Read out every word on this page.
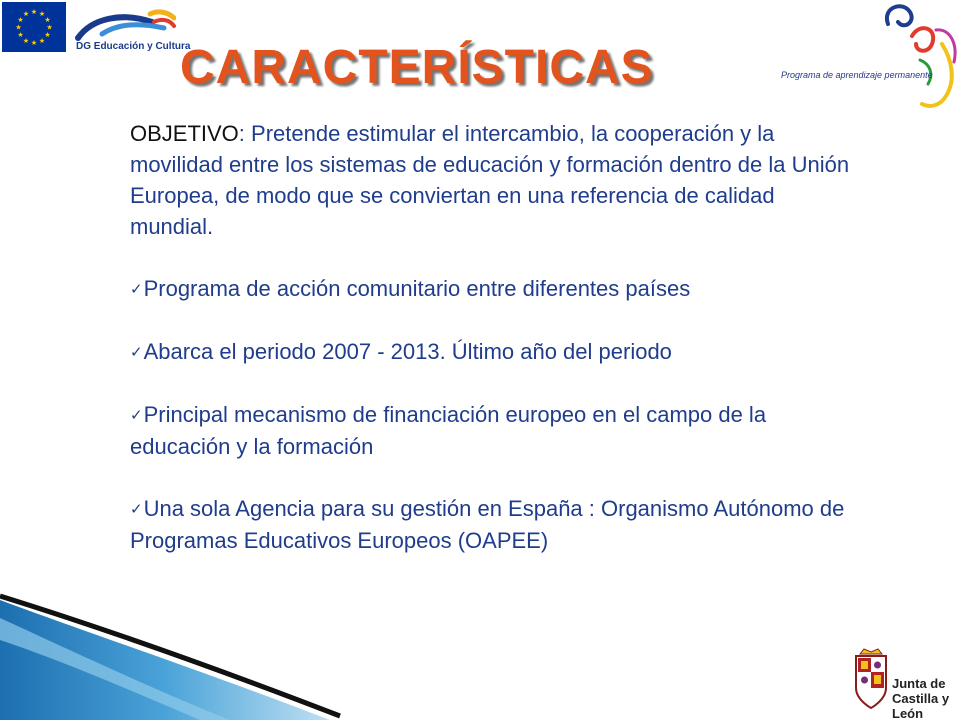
★ ★
★
★
★
★
★
★
★
★
★
★
DG Educación y Cultura
CARACTERÍSTICAS	Programa de aprendizaje permanente

OBJETIVO: Pretende estimular el intercambio, la cooperación y la movilidad entre los sistemas de educación y formación dentro de la Unión Europea, de modo que se conviertan en una referencia de calidad mundial.

✓Programa de acción comunitario entre diferentes países

✓Abarca el periodo 2007 - 2013. Último año del periodo

✓Principal mecanismo de financiación europeo en el campo de la educación y la formación

✓Una sola Agencia para su gestión en España : Organismo Autónomo de Programas Educativos Europeos (OAPEE)

Junta de
Castilla y León
